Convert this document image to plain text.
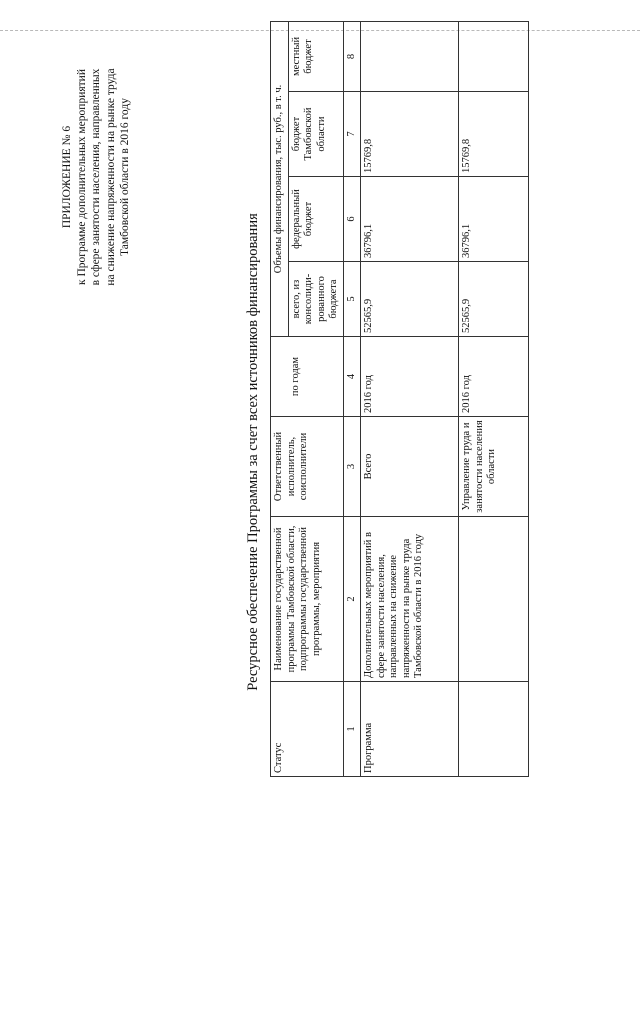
ПРИЛОЖЕНИЕ № 6 к Программе дополнительных мероприятий в сфере занятости населения, направленных на снижение напряженности на рынке труда Тамбовской области в 2016 году
Ресурсное обеспечение Программы за счет всех источников финансирования
Статус	Наименование государственной программы Тамбовской области, подпрограммы государственной программы, мероприятия	Ответственный исполнитель, соисполнители		Объемы финансирования, тыс. руб., в т. ч.			
			по годам	всего, из консолиди-рованного бюджета	федеральный бюджет	бюджет Тамбовской области	местный бюджет
1	2	3	4	5	6	7	8
Программа	Дополнительных мероприятий в сфере занятости населения, направленных на снижение напряженности на рынке труда Тамбовской области в 2016 году	Всего	2016 год	52565,9	36796,1	15769,8	
		Управление труда и занятости населения области	2016 год	52565,9	36796,1	15769,8	
